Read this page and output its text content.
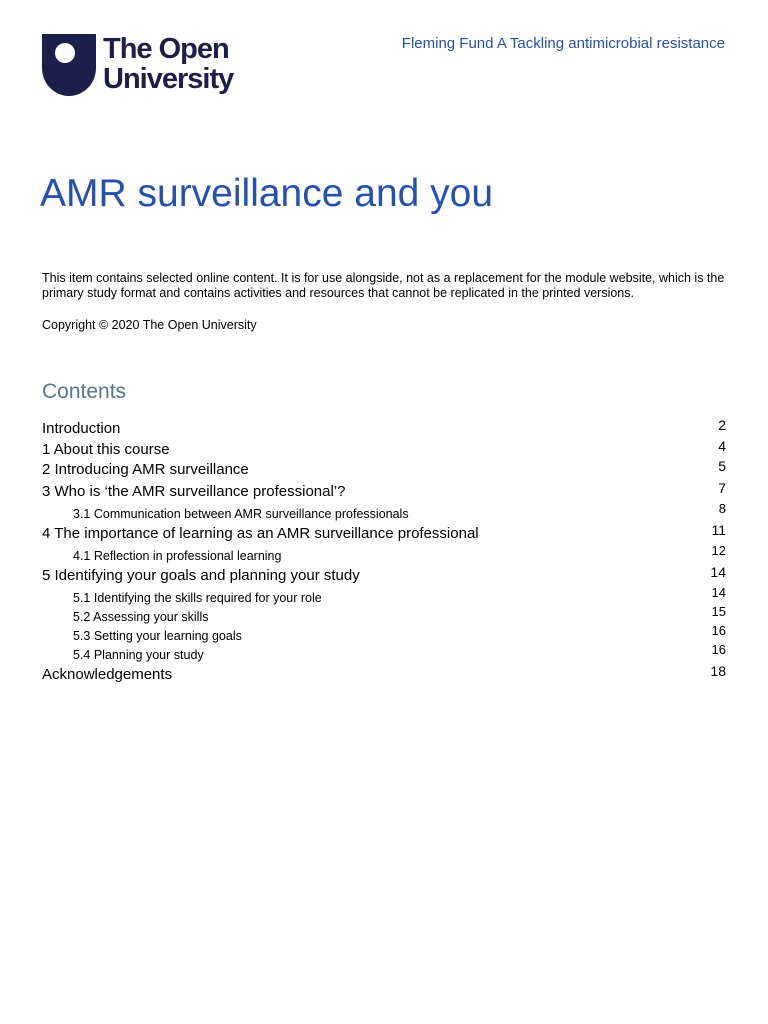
The Open
University
Fleming Fund A Tackling antimicrobial resistance
AMR surveillance and you

This item contains selected online content. It is for use alongside, not as a replacement for the module website, which is the primary study format and contains activities and resources that cannot be replicated in the printed versions.

Copyright © 2020 The Open University

Contents
Introduction	2
1 About this course	4
2 Introducing AMR surveillance	5
3 Who is ‘the AMR surveillance professional’?	7
3.1 Communication between AMR surveillance professionals	8
4 The importance of learning as an AMR surveillance professional	11
4.1 Reflection in professional learning	12
5 Identifying your goals and planning your study	14
5.1 Identifying the skills required for your role	14
5.2 Assessing your skills	15
5.3 Setting your learning goals	16
5.4 Planning your study	16
Acknowledgements	18
